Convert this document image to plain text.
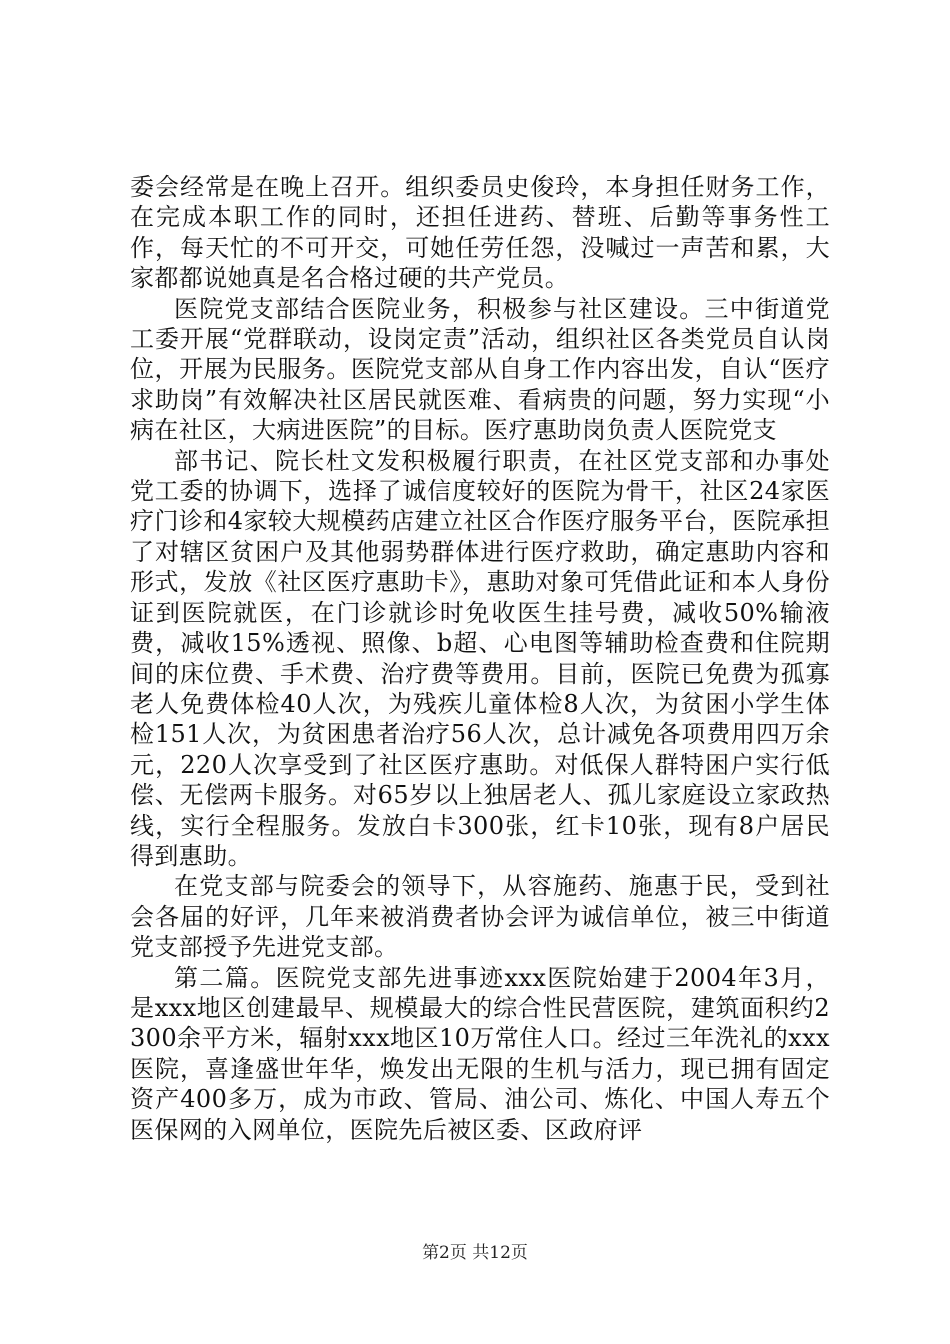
委会经常是在晚上召开。组织委员史俊玲，本身担任财务工作，在完成本职工作的同时，还担任进药、替班、后勤等事务性工作，每天忙的不可开交，可她任劳任怨，没喊过一声苦和累，大家都都说她真是名合格过硬的共产党员。

医院党支部结合医院业务，积极参与社区建设。三中街道党工委开展“党群联动，设岗定责”活动，组织社区各类党员自认岗位，开展为民服务。医院党支部从自身工作内容出发，自认“医疗求助岗”有效解决社区居民就医难、看病贵的问题，努力实现“小病在社区，大病进医院”的目标。医疗惠助岗负责人医院党支

部书记、院长杜文发积极履行职责，在社区党支部和办事处党工委的协调下，选择了诚信度较好的医院为骨干，社区24家医疗门诊和4家较大规模药店建立社区合作医疗服务平台，医院承担了对辖区贫困户及其他弱势群体进行医疗救助，确定惠助内容和形式，发放《社区医疗惠助卡》，惠助对象可凭借此证和本人身份证到医院就医，在门诊就诊时免收医生挂号费，减收50%输液费，减收15%透视、照像、b超、心电图等辅助检查费和住院期间的床位费、手术费、治疗费等费用。目前，医院已免费为孤寡老人免费体检40人次，为残疾儿童体检8人次，为贫困小学生体检151人次，为贫困患者治疗56人次，总计减免各项费用四万余元，220人次享受到了社区医疗惠助。对低保人群特困户实行低偿、无偿两卡服务。对65岁以上独居老人、孤儿家庭设立家政热线，实行全程服务。发放白卡300张，红卡10张，现有8户居民得到惠助。

在党支部与院委会的领导下，从容施药、施惠于民，受到社会各届的好评，几年来被消费者协会评为诚信单位，被三中街道党支部授予先进党支部。

第二篇。医院党支部先进事迹xxx医院始建于2004年3月，是xxx地区创建最早、规模最大的综合性民营医院，建筑面积约2300余平方米，辐射xxx地区10万常住人口。经过三年洗礼的xxx医院，喜逢盛世年华，焕发出无限的生机与活力，现已拥有固定资产400多万，成为市政、管局、油公司、炼化、中国人寿五个医保网的入网单位，医院先后被区委、区政府评

第2页 共12页
